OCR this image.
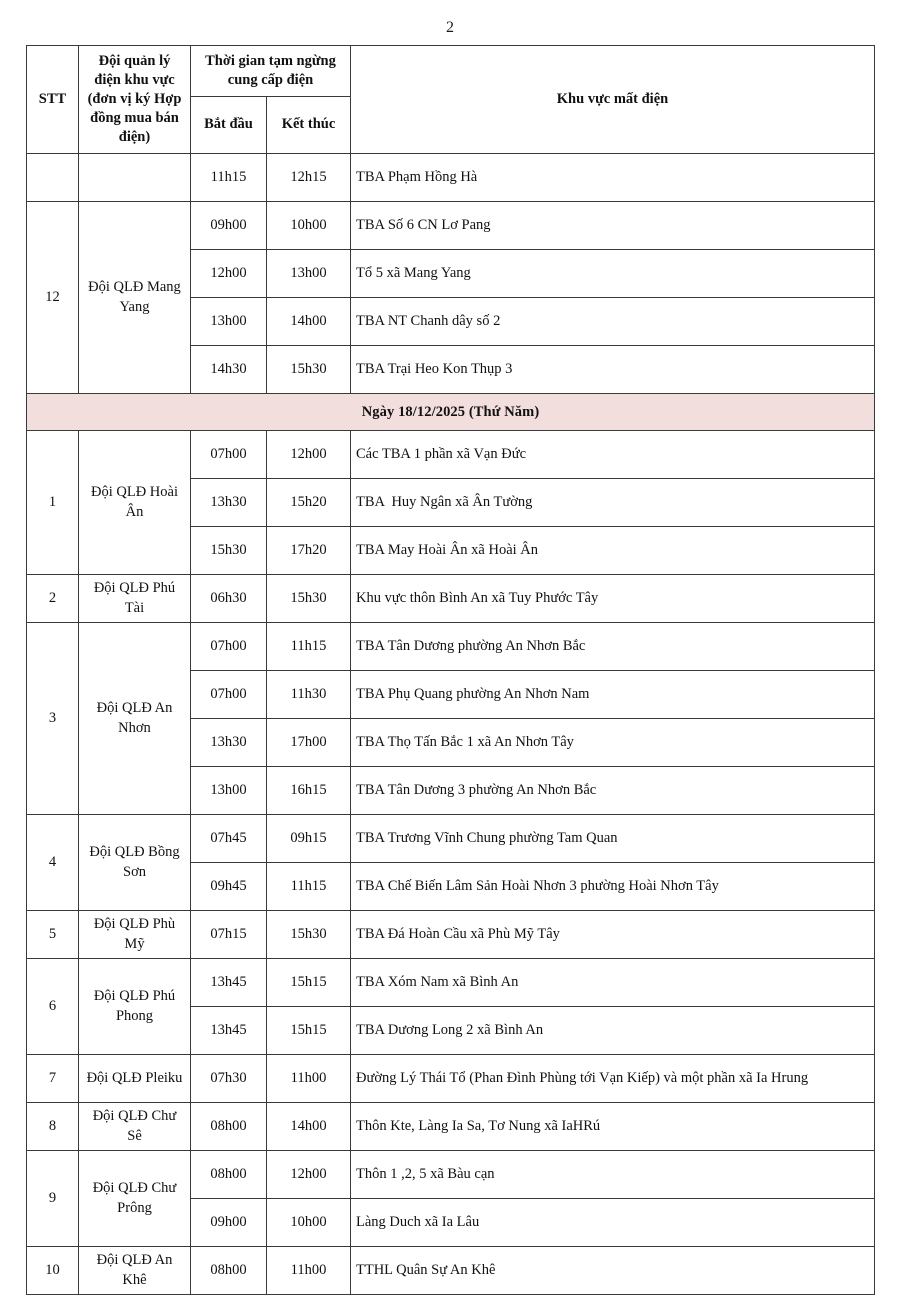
2
STT	Đội quản lý điện khu vực (đơn vị ký Hợp đồng mua bán điện)	Thời gian tạm ngừng cung cấp điện		Khu vực mất điện
		Bắt đầu	Kết thúc	
		11h15	12h15	TBA Phạm Hồng Hà
12	Đội QLĐ Mang Yang	09h00	10h00	TBA Số 6 CN Lơ Pang
		12h00	13h00	Tổ 5 xã Mang Yang
		13h00	14h00	TBA NT Chanh dây số 2
		14h30	15h30	TBA Trại Heo Kon Thụp 3
Ngày 18/12/2025 (Thứ Năm)				
1	Đội QLĐ Hoài Ân	07h00	12h00	Các TBA 1 phần xã Vạn Đức
		13h30	15h20	TBA  Huy Ngân xã Ân Tường
		15h30	17h20	TBA May Hoài Ân xã Hoài Ân
2	Đội QLĐ Phú Tài	06h30	15h30	Khu vực thôn Bình An xã Tuy Phước Tây
3	Đội QLĐ An Nhơn	07h00	11h15	TBA Tân Dương phường An Nhơn Bắc
		07h00	11h30	TBA Phụ Quang phường An Nhơn Nam
		13h30	17h00	TBA Thọ Tấn Bắc 1 xã An Nhơn Tây
		13h00	16h15	TBA Tân Dương 3 phường An Nhơn Bắc
4	Đội QLĐ Bồng Sơn	07h45	09h15	TBA Trương Vĩnh Chung phường Tam Quan
		09h45	11h15	TBA Chế Biến Lâm Sản Hoài Nhơn 3 phường Hoài Nhơn Tây
5	Đội QLĐ Phù Mỹ	07h15	15h30	TBA Đá Hoàn Cầu xã Phù Mỹ Tây
6	Đội QLĐ Phú Phong	13h45	15h15	TBA Xóm Nam xã Bình An
		13h45	15h15	TBA Dương Long 2 xã Bình An
7	Đội QLĐ Pleiku	07h30	11h00	Đường Lý Thái Tổ (Phan Đình Phùng tới Vạn Kiếp) và một phần xã Ia Hrung
8	Đội QLĐ Chư Sê	08h00	14h00	Thôn Kte, Làng Ia Sa, Tơ Nung xã IaHRú
9	Đội QLĐ Chư Prông	08h00	12h00	Thôn 1 ,2, 5 xã Bàu cạn
		09h00	10h00	Làng Duch xã Ia Lâu
10	Đội QLĐ An Khê	08h00	11h00	TTHL Quân Sự An Khê
